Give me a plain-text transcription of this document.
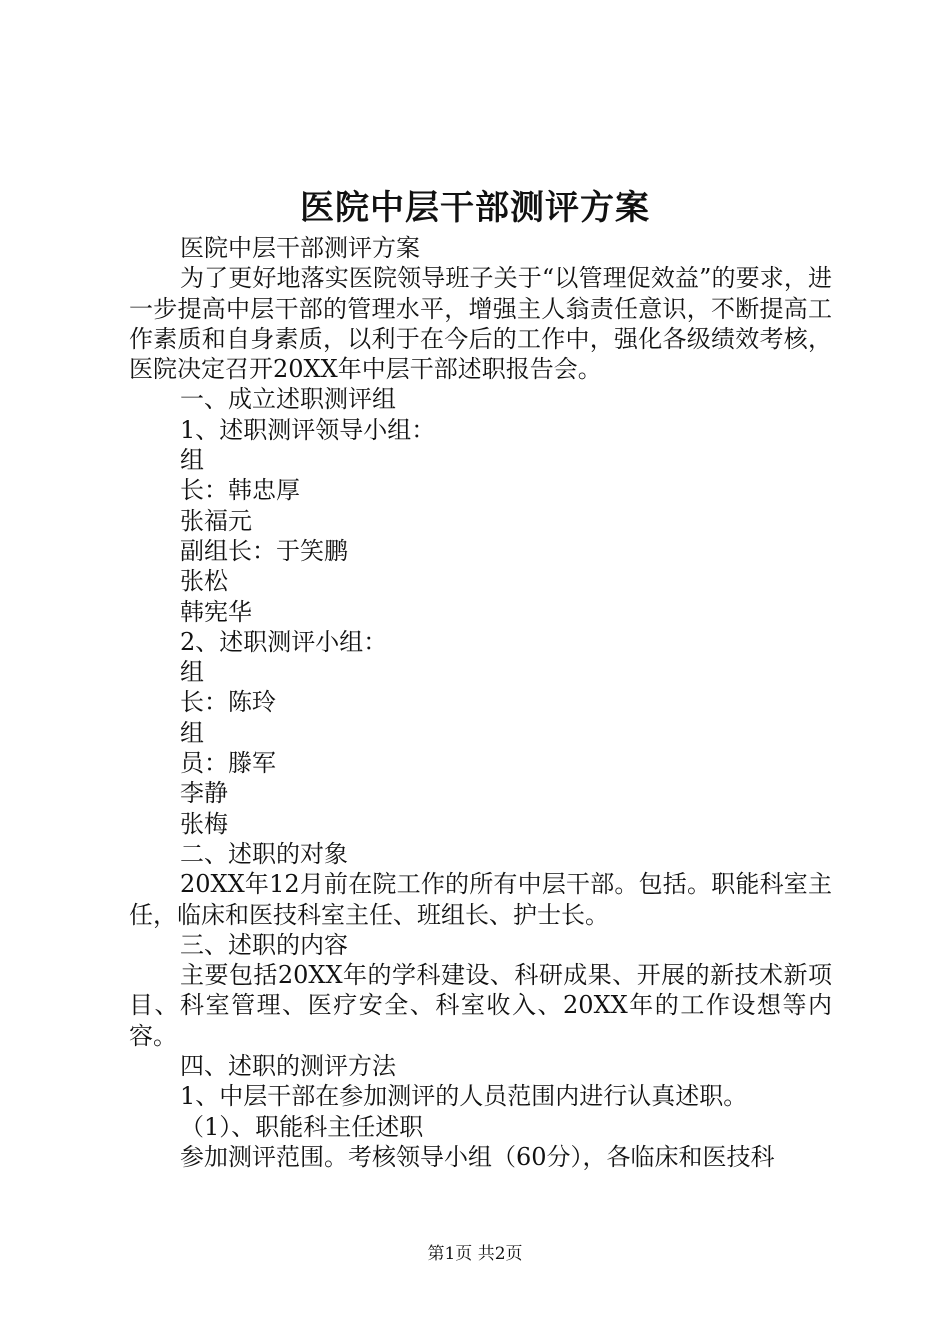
医院中层干部测评方案

医院中层干部测评方案

为了更好地落实医院领导班子关于“以管理促效益”的要求，进一步提高中层干部的管理水平，增强主人翁责任意识，不断提高工作素质和自身素质，以利于在今后的工作中，强化各级绩效考核，医院决定召开20XX年中层干部述职报告会。

一、成立述职测评组

1、述职测评领导小组：

组

长：韩忠厚

张福元

副组长：于笑鹏

张松

韩宪华

2、述职测评小组：

组

长：陈玲

组

员：滕军

李静

张梅

二、述职的对象

20XX年12月前在院工作的所有中层干部。包括。职能科室主任，临床和医技科室主任、班组长、护士长。

三、述职的内容

主要包括20XX年的学科建设、科研成果、开展的新技术新项目、科室管理、医疗安全、科室收入、20XX年的工作设想等内容。

四、述职的测评方法

1、中层干部在参加测评的人员范围内进行认真述职。

（1）、职能科主任述职

参加测评范围。考核领导小组（60分），各临床和医技科

第1页 共2页
